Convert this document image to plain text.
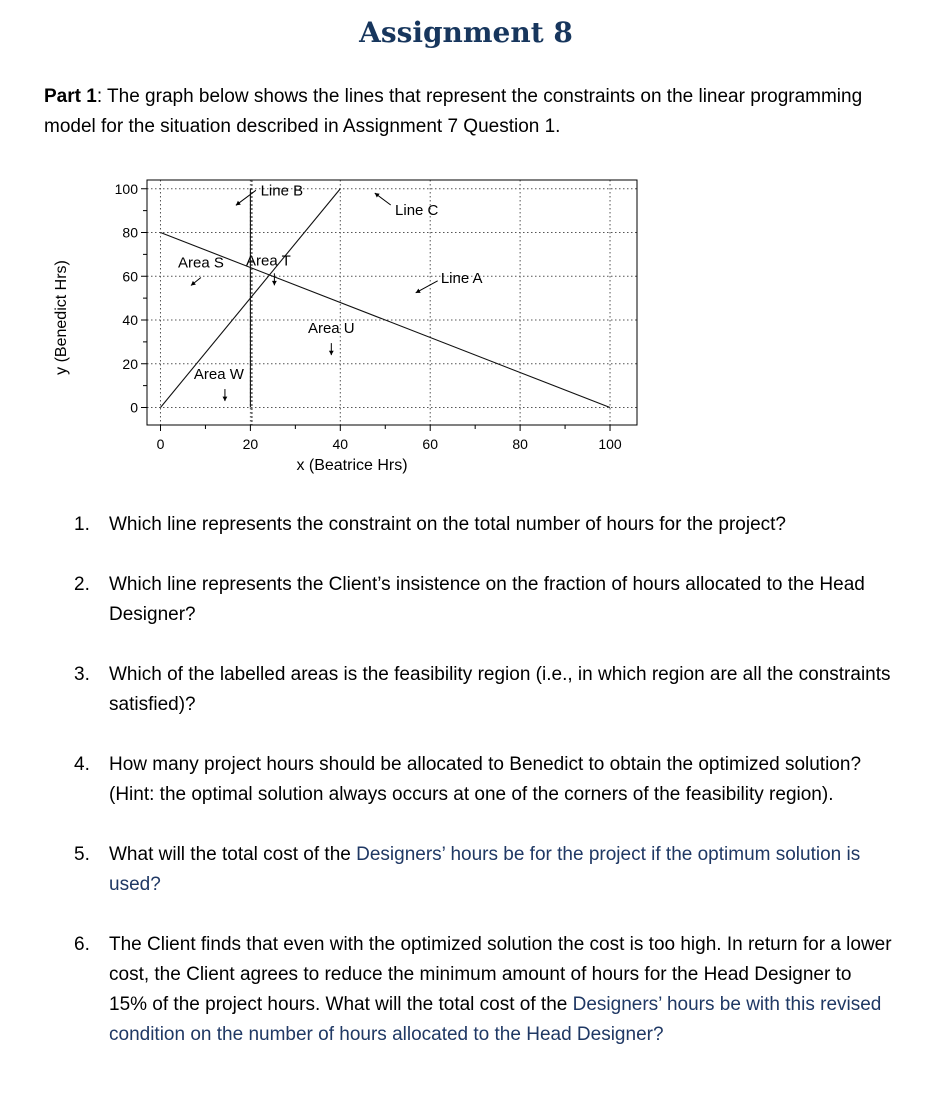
Assignment 8
Part 1: The graph below shows the lines that represent the constraints on the linear programming model for the situation described in Assignment 7 Question 1.
0
20
40
60
80
100
0	20	40	60	80	100
Line B
Line C
Line A
Area S Area T
Area U
Area W
x (Beatrice Hrs)
y (Benedict Hrs)
1. Which line represents the constraint on the total number of hours for the project?
2. Which line represents the Client’s insistence on the fraction of hours allocated to the Head Designer?
3. Which of the labelled areas is the feasibility region (i.e., in which region are all the constraints satisfied)?
4. How many project hours should be allocated to Benedict to obtain the optimized solution? (Hint: the optimal solution always occurs at one of the corners of the feasibility region).
5. What will the total cost of the Designers’ hours be for the project if the optimum solution is used?
6. The Client finds that even with the optimized solution the cost is too high. In return for a lower cost, the Client agrees to reduce the minimum amount of hours for the Head Designer to 15% of the project hours. What will the total cost of the Designers’ hours be with this revised condition on the number of hours allocated to the Head Designer?
